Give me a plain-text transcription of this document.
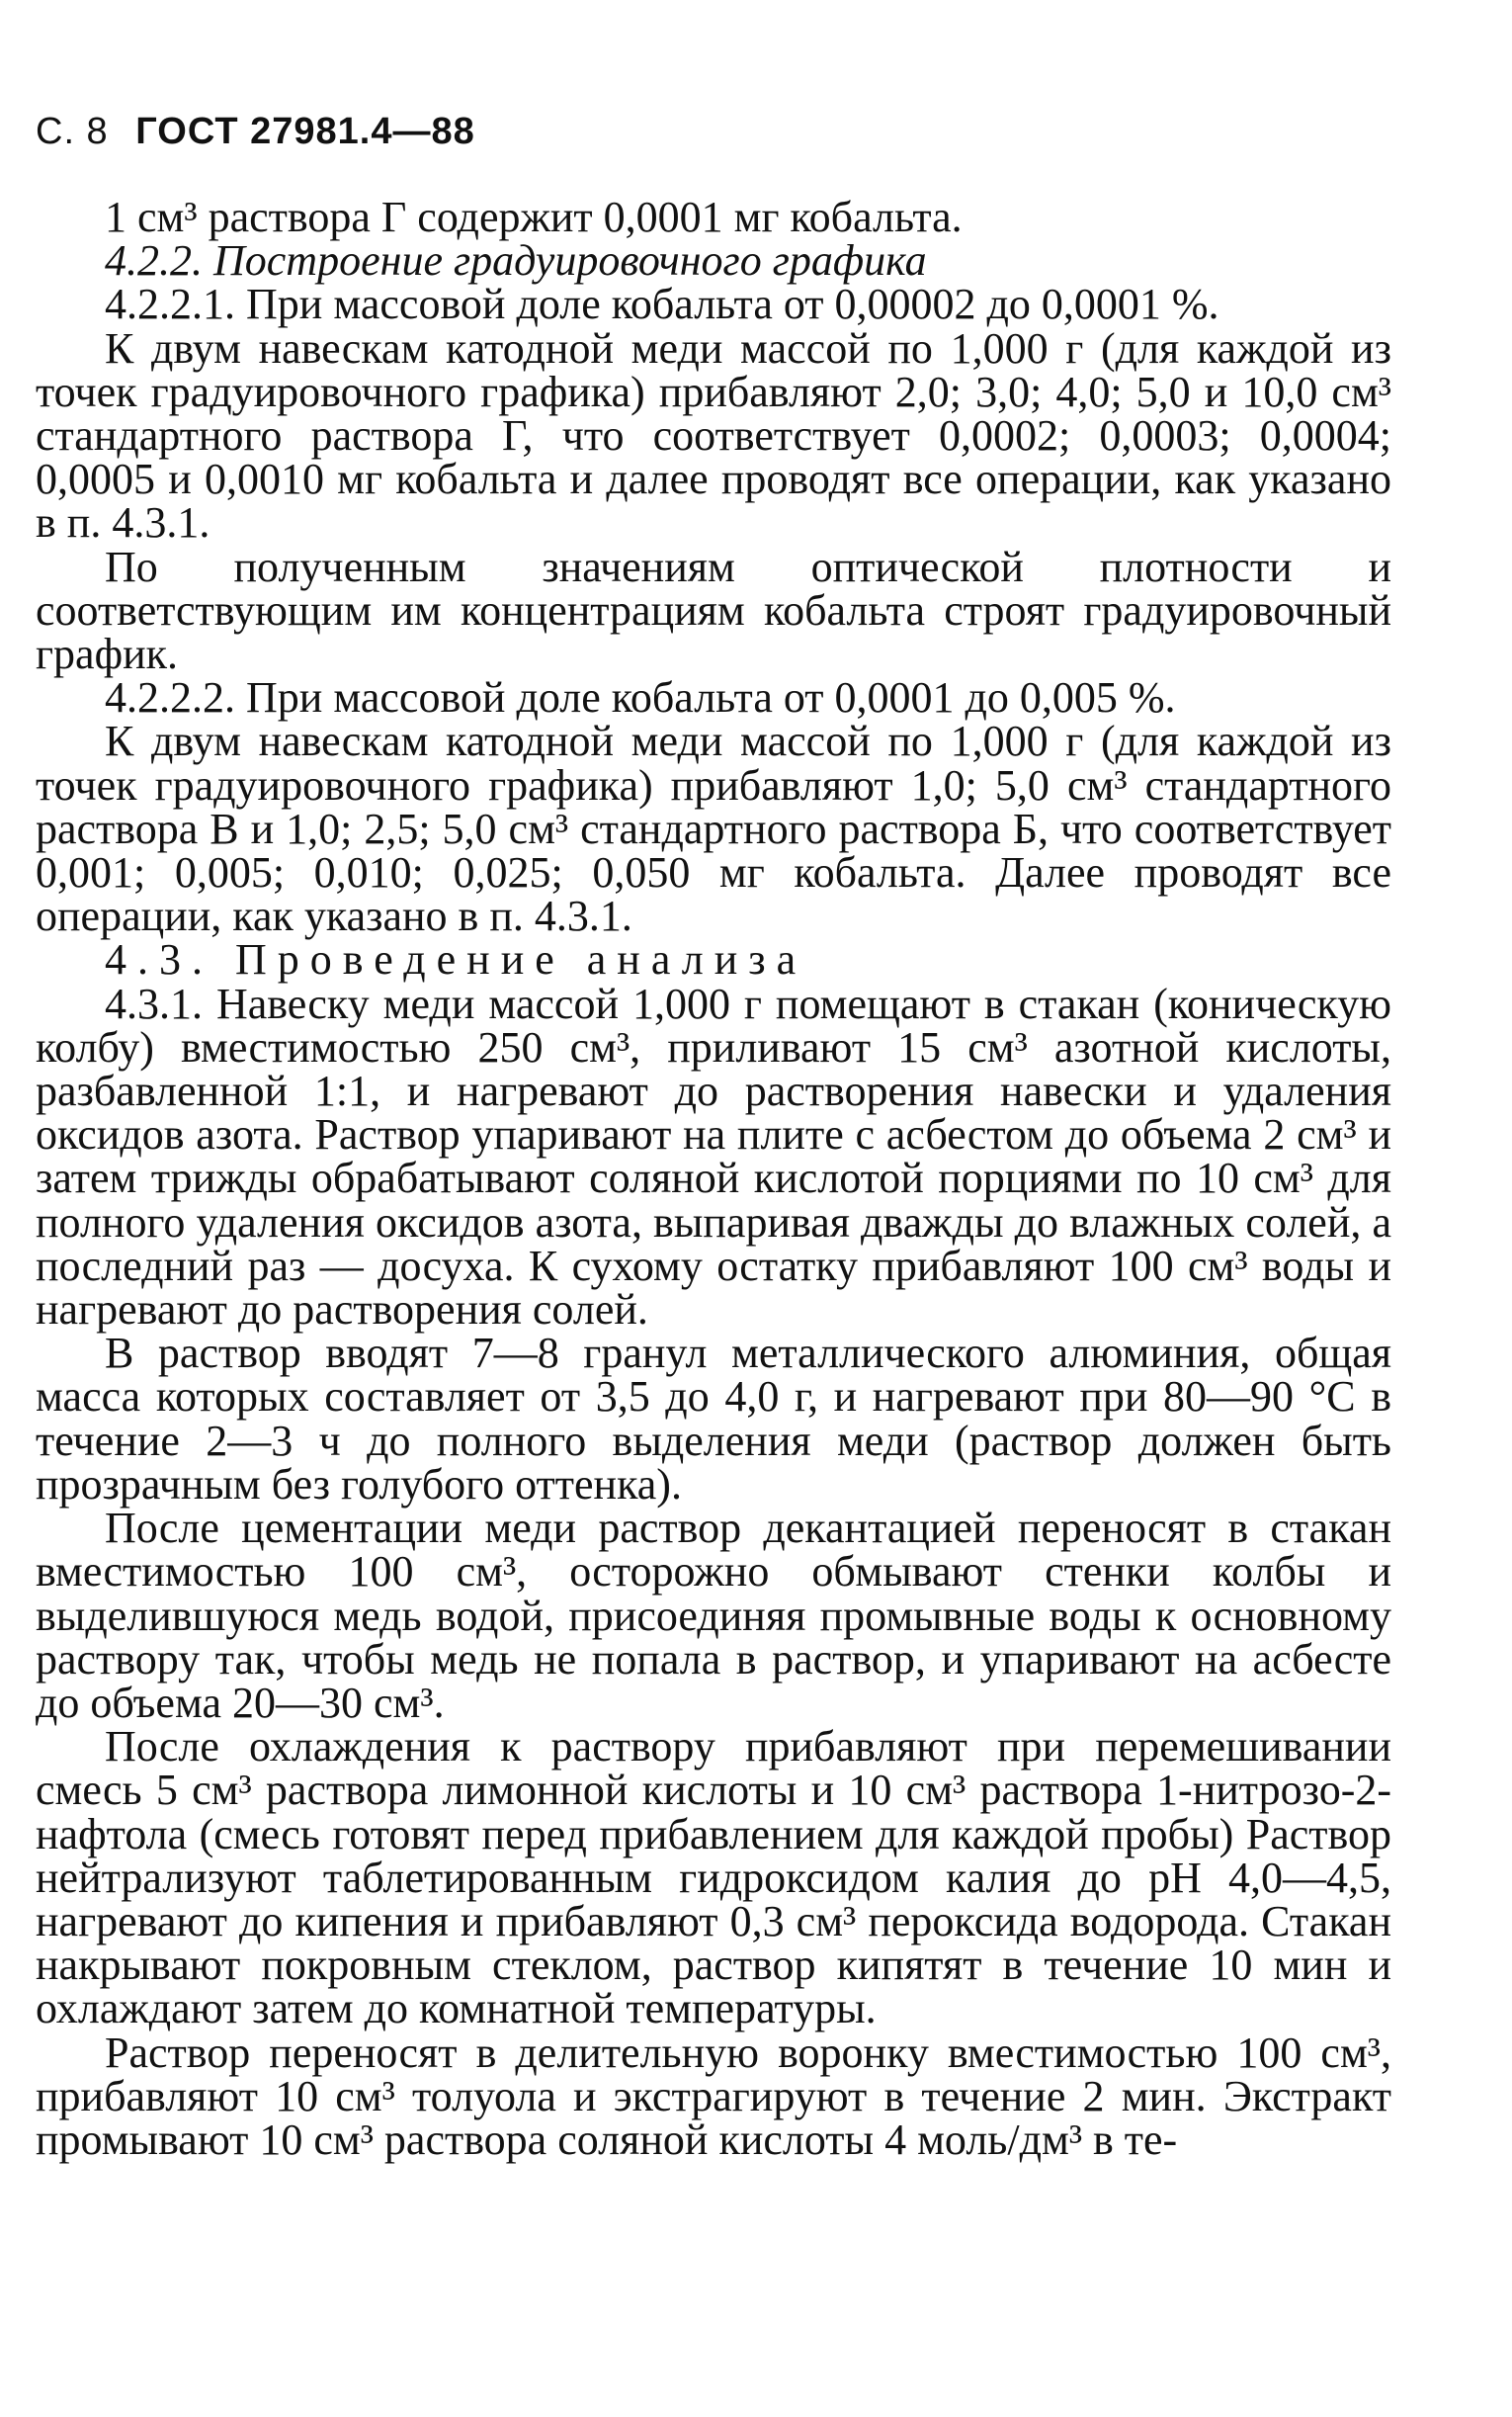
С. 8 ГОСТ 27981.4—88

1 см³ раствора Г содержит 0,0001 мг кобальта.

4.2.2. Построение градуировочного графика

4.2.2.1. При массовой доле кобальта от 0,00002 до 0,0001 %.

К двум навескам катодной меди массой по 1,000 г (для каждой из точек градуировочного графика) прибавляют 2,0; 3,0; 4,0; 5,0 и 10,0 см³ стандартного раствора Г, что соответствует 0,0002; 0,0003; 0,0004; 0,0005 и 0,0010 мг кобальта и далее проводят все операции, как указано в п. 4.3.1.

По полученным значениям оптической плотности и соответствующим им концентрациям кобальта строят градуировочный график.

4.2.2.2. При массовой доле кобальта от 0,0001 до 0,005 %.

К двум навескам катодной меди массой по 1,000 г (для каждой из точек градуировочного графика) прибавляют 1,0; 5,0 см³ стандартного раствора В и 1,0; 2,5; 5,0 см³ стандартного раствора Б, что соответствует 0,001; 0,005; 0,010; 0,025; 0,050 мг кобальта. Далее проводят все операции, как указано в п. 4.3.1.

4.3. Проведение анализа

4.3.1. Навеску меди массой 1,000 г помещают в стакан (коническую колбу) вместимостью 250 см³, приливают 15 см³ азотной кислоты, разбавленной 1:1, и нагревают до растворения навески и удаления оксидов азота. Раствор упаривают на плите с асбестом до объема 2 см³ и затем трижды обрабатывают соляной кислотой порциями по 10 см³ для полного удаления оксидов азота, выпаривая дважды до влажных солей, а последний раз — досуха. К сухому остатку прибавляют 100 см³ воды и нагревают до растворения солей.

В раствор вводят 7—8 гранул металлического алюминия, общая масса которых составляет от 3,5 до 4,0 г, и нагревают при 80—90 °С в течение 2—3 ч до полного выделения меди (раствор должен быть прозрачным без голубого оттенка).

После цементации меди раствор декантацией переносят в стакан вместимостью 100 см³, осторожно обмывают стенки колбы и выделившуюся медь водой, присоединяя промывные воды к основному раствору так, чтобы медь не попала в раствор, и упаривают на асбесте до объема 20—30 см³.

После охлаждения к раствору прибавляют при перемешивании смесь 5 см³ раствора лимонной кислоты и 10 см³ раствора 1-нитрозо-2-нафтола (смесь готовят перед прибавлением для каждой пробы) Раствор нейтрализуют таблетированным гидроксидом калия до рН 4,0—4,5, нагревают до кипения и прибавляют 0,3 см³ пероксида водорода. Стакан накрывают покровным стеклом, раствор кипятят в течение 10 мин и охлаждают затем до комнатной температуры.

Раствор переносят в делительную воронку вместимостью 100 см³, прибавляют 10 см³ толуола и экстрагируют в течение 2 мин. Экстракт промывают 10 см³ раствора соляной кислоты 4 моль/дм³ в те-
